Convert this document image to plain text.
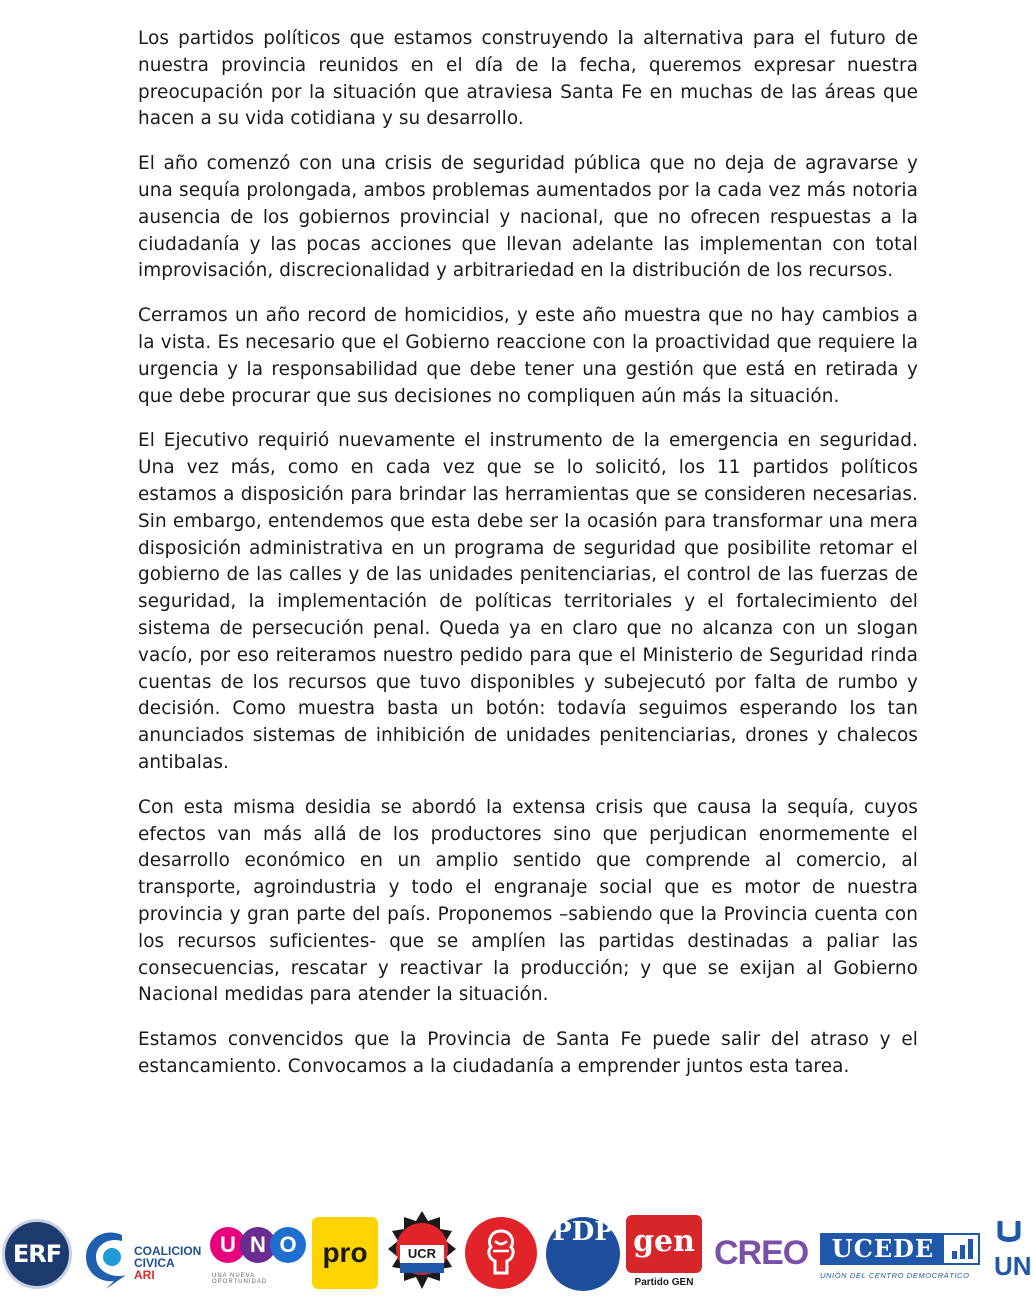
Los partidos políticos que estamos construyendo la alternativa para el futuro de nuestra provincia reunidos en el día de la fecha, queremos expresar nuestra preocupación por la situación que atraviesa Santa Fe en muchas de las áreas que hacen a su vida cotidiana y su desarrollo.

El año comenzó con una crisis de seguridad pública que no deja de agravarse y una sequía prolongada, ambos problemas aumentados por la cada vez más notoria ausencia de los gobiernos provincial y nacional, que no ofrecen respuestas a la ciudadanía y las pocas acciones que llevan adelante las implementan con total improvisación, discrecionalidad y arbitrariedad en la distribución de los recursos.

Cerramos un año record de homicidios, y este año muestra que no hay cambios a la vista. Es necesario que el Gobierno reaccione con la proactividad que requiere la urgencia y la responsabilidad que debe tener una gestión que está en retirada y que debe procurar que sus decisiones no compliquen aún más la situación.

El Ejecutivo requirió nuevamente el instrumento de la emergencia en seguridad. Una vez más, como en cada vez que se lo solicitó, los 11 partidos políticos estamos a disposición para brindar las herramientas que se consideren necesarias. Sin embargo, entendemos que esta debe ser la ocasión para transformar una mera disposición administrativa en un programa de seguridad que posibilite retomar el gobierno de las calles y de las unidades penitenciarias, el control de las fuerzas de seguridad, la implementación de políticas territoriales y el fortalecimiento del sistema de persecución penal. Queda ya en claro que no alcanza con un slogan vacío, por eso reiteramos nuestro pedido para que el Ministerio de Seguridad rinda cuentas de los recursos que tuvo disponibles y subejecutó por falta de rumbo y decisión. Como muestra basta un botón: todavía seguimos esperando los tan anunciados sistemas de inhibición de unidades penitenciarias, drones y chalecos antibalas.

Con esta misma desidia se abordó la extensa crisis que causa la sequía, cuyos efectos van más allá de los productores sino que perjudican enormemente el desarrollo económico en un amplio sentido que comprende al comercio, al transporte, agroindustria y todo el engranaje social que es motor de nuestra provincia y gran parte del país. Proponemos –sabiendo que la Provincia cuenta con los recursos suficientes- que se amplíen las partidas destinadas a paliar las consecuencias, rescatar y reactivar la producción; y que se exijan al Gobierno Nacional medidas para atender la situación.

Estamos convencidos que la Provincia de Santa Fe puede salir del atraso y el estancamiento. Convocamos a la ciudadanía a emprender juntos esta tarea.

ERF	COALICION
CIVICA
ARI
U N O
UNA NUEVA OPORTUNIDAD
pro	UCR
PDP gen
Partido GEN
CREO UCEDE
UNIÓN DEL CENTRO DEMOCRÁTICO UN
